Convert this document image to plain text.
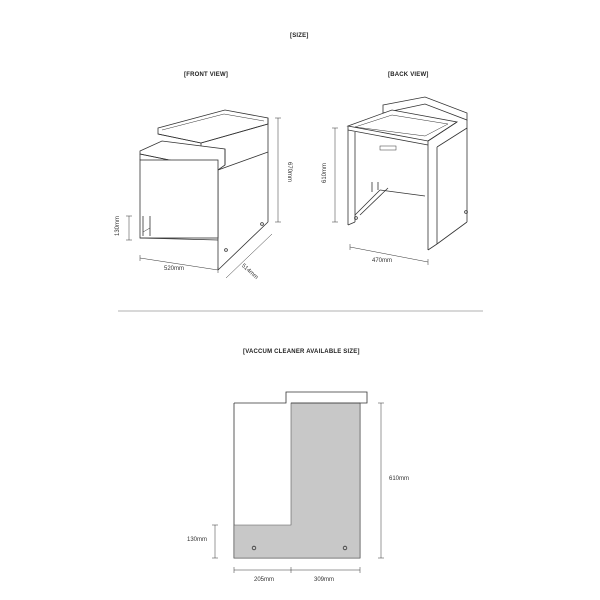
[SIZE]
[FRONT VIEW]	[BACK VIEW]
670mm
130mm
520mm	514mm
610mm
470mm
[VACCUM CLEANER AVAILABLE SIZE]
610mm
130mm
205mm	309mm
